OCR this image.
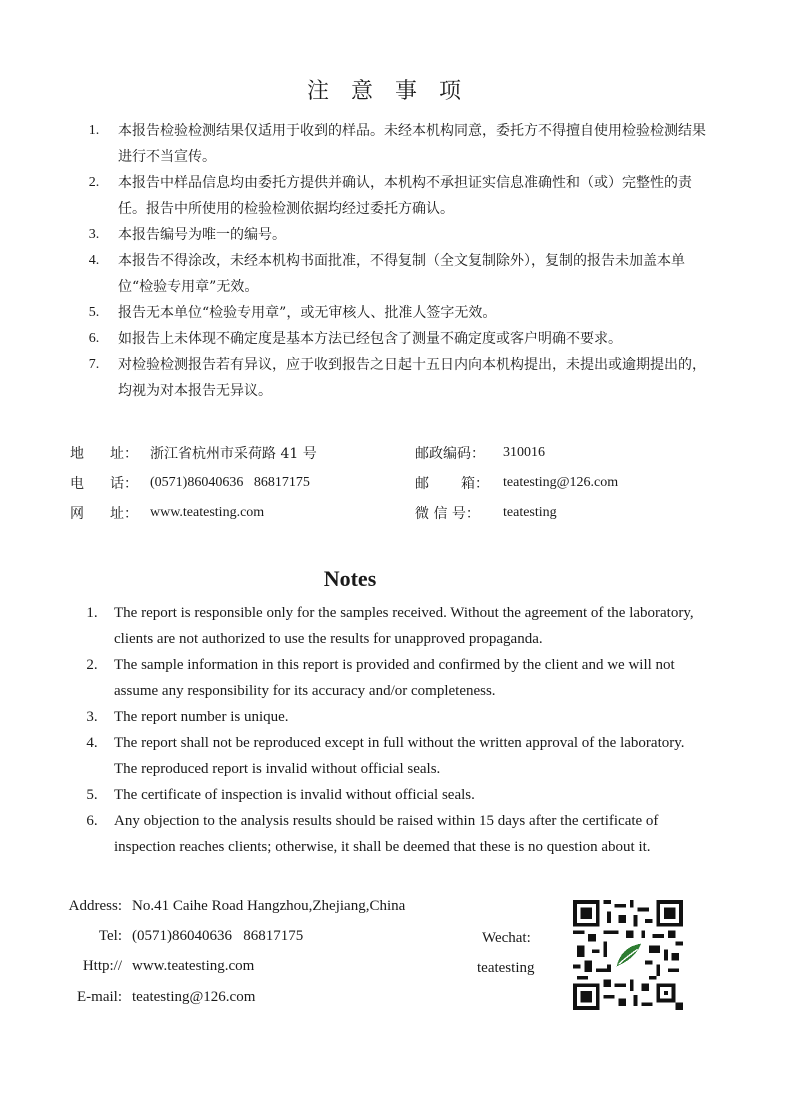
注意事项
1.	本报告检验检测结果仅适用于收到的样品。未经本机构同意，委托方不得擅自使用检验检测结果进行不当宣传。
2.	本报告中样品信息均由委托方提供并确认，本机构不承担证实信息准确性和（或）完整性的责任。报告中所使用的检验检测依据均经过委托方确认。
3.	本报告编号为唯一的编号。
4.	本报告不得涂改，未经本机构书面批准，不得复制（全文复制除外），复制的报告未加盖本单位“检验专用章”无效。
5.	报告无本单位“检验专用章”，或无审核人、批准人签字无效。
6.	如报告上未体现不确定度是基本方法已经包含了测量不确定度或客户明确不要求。
7.	对检验检测报告若有异议，应于收到报告之日起十五日内向本机构提出，未提出或逾期提出的，均视为对本报告无异议。
地 址： 浙江省杭州市采荷路 41 号	邮政编码： 310016
电 话： (0571)86040636   86817175	邮 箱： teatesting@126.com
网 址： www.teatesting.com	微 信 号： teatesting
Notes
1.	The report is responsible only for the samples received. Without the agreement of the laboratory, clients are not authorized to use the results for unapproved propaganda.
2.	The sample information in this report is provided and confirmed by the client and we will not assume any responsibility for its accuracy and/or completeness.
3.	The report number is unique.
4.	The report shall not be reproduced except in full without the written approval of the laboratory. The reproduced report is invalid without official seals.
5.	The certificate of inspection is invalid without official seals.
6.	Any objection to the analysis results should be raised within 15 days after the certificate of inspection reaches clients; otherwise, it shall be deemed that these is no question about it.
Address: No.41 Caihe Road Hangzhou,Zhejiang,China
Tel: (0571)86040636   86817175
Http:// www.teatesting.com
E-mail: teatesting@126.com
Wechat:
teatesting
